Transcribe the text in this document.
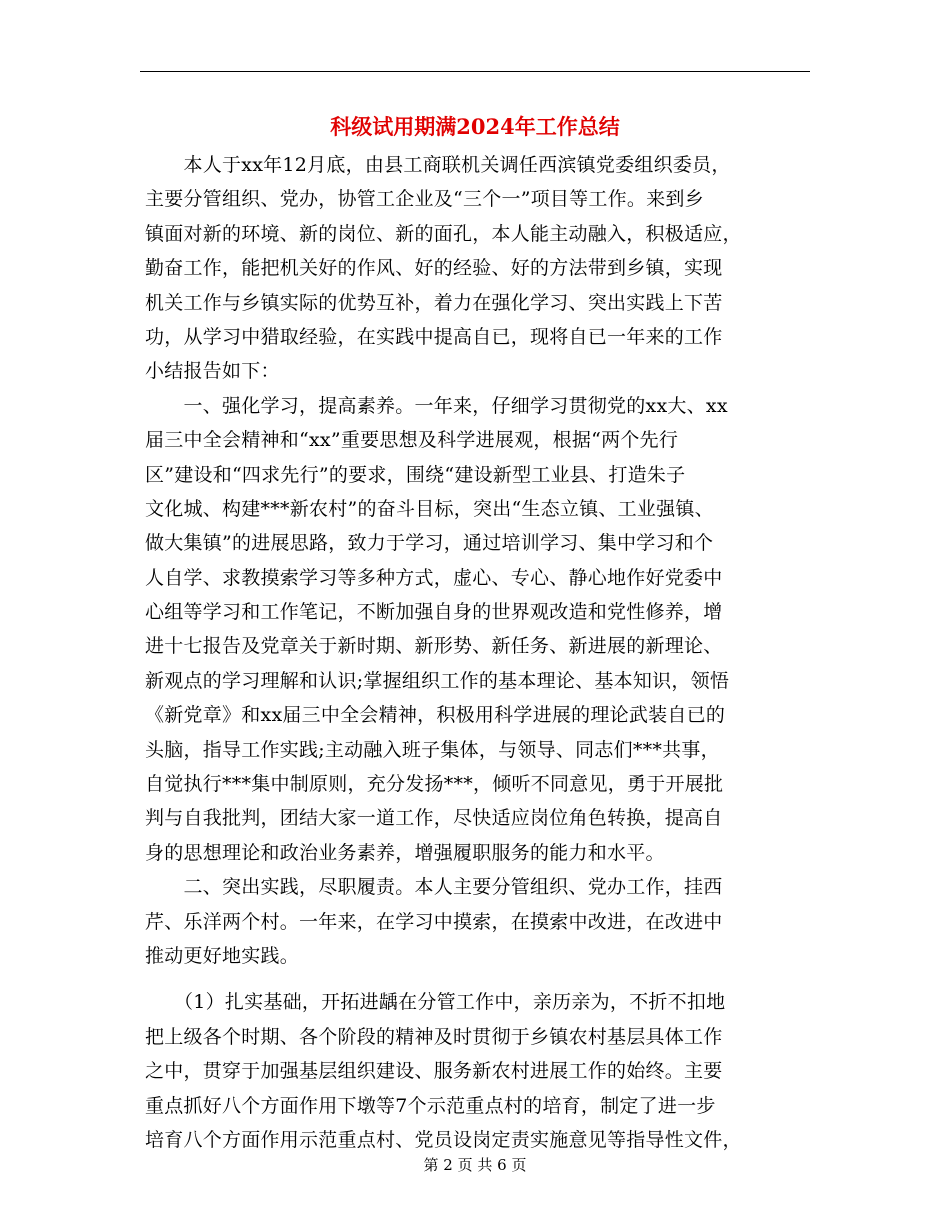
科级试用期满2024年工作总结
　　本人于xx年12月底，由县工商联机关调任西滨镇党委组织委员，
主要分管组织、党办，协管工企业及“三个一”项目等工作。来到乡
镇面对新的环境、新的岗位、新的面孔，本人能主动融入，积极适应，
勤奋工作，能把机关好的作风、好的经验、好的方法带到乡镇，实现
机关工作与乡镇实际的优势互补，着力在强化学习、突出实践上下苦
功，从学习中猎取经验，在实践中提高自已，现将自已一年来的工作
小结报告如下：
　　一、强化学习，提高素养。一年来，仔细学习贯彻党的xx大、xx
届三中全会精神和“xx”重要思想及科学进展观，根据“两个先行
区”建设和“四求先行”的要求，围绕“建设新型工业县、打造朱子
文化城、构建***新农村”的奋斗目标，突出“生态立镇、工业强镇、
做大集镇”的进展思路，致力于学习，通过培训学习、集中学习和个
人自学、求教摸索学习等多种方式，虚心、专心、静心地作好党委中
心组等学习和工作笔记，不断加强自身的世界观改造和党性修养，增
进十七报告及党章关于新时期、新形势、新任务、新进展的新理论、
新观点的学习理解和认识;掌握组织工作的基本理论、基本知识，领悟
《新党章》和xx届三中全会精神，积极用科学进展的理论武装自已的
头脑，指导工作实践;主动融入班子集体，与领导、同志们***共事，
自觉执行***集中制原则，充分发扬***，倾听不同意见，勇于开展批
判与自我批判，团结大家一道工作，尽快适应岗位角色转换，提高自
身的思想理论和政治业务素养，增强履职服务的能力和水平。
　　二、突出实践，尽职履责。本人主要分管组织、党办工作，挂西
芹、乐洋两个村。一年来，在学习中摸索，在摸索中改进，在改进中
推动更好地实践。
　　（1）扎实基础，开拓进龋在分管工作中，亲历亲为，不折不扣地
把上级各个时期、各个阶段的精神及时贯彻于乡镇农村基层具体工作
之中，贯穿于加强基层组织建设、服务新农村进展工作的始终。主要
重点抓好八个方面作用下墩等7个示范重点村的培育，制定了进一步
培育八个方面作用示范重点村、党员设岗定责实施意见等指导性文件，
第 2 页 共 6 页
